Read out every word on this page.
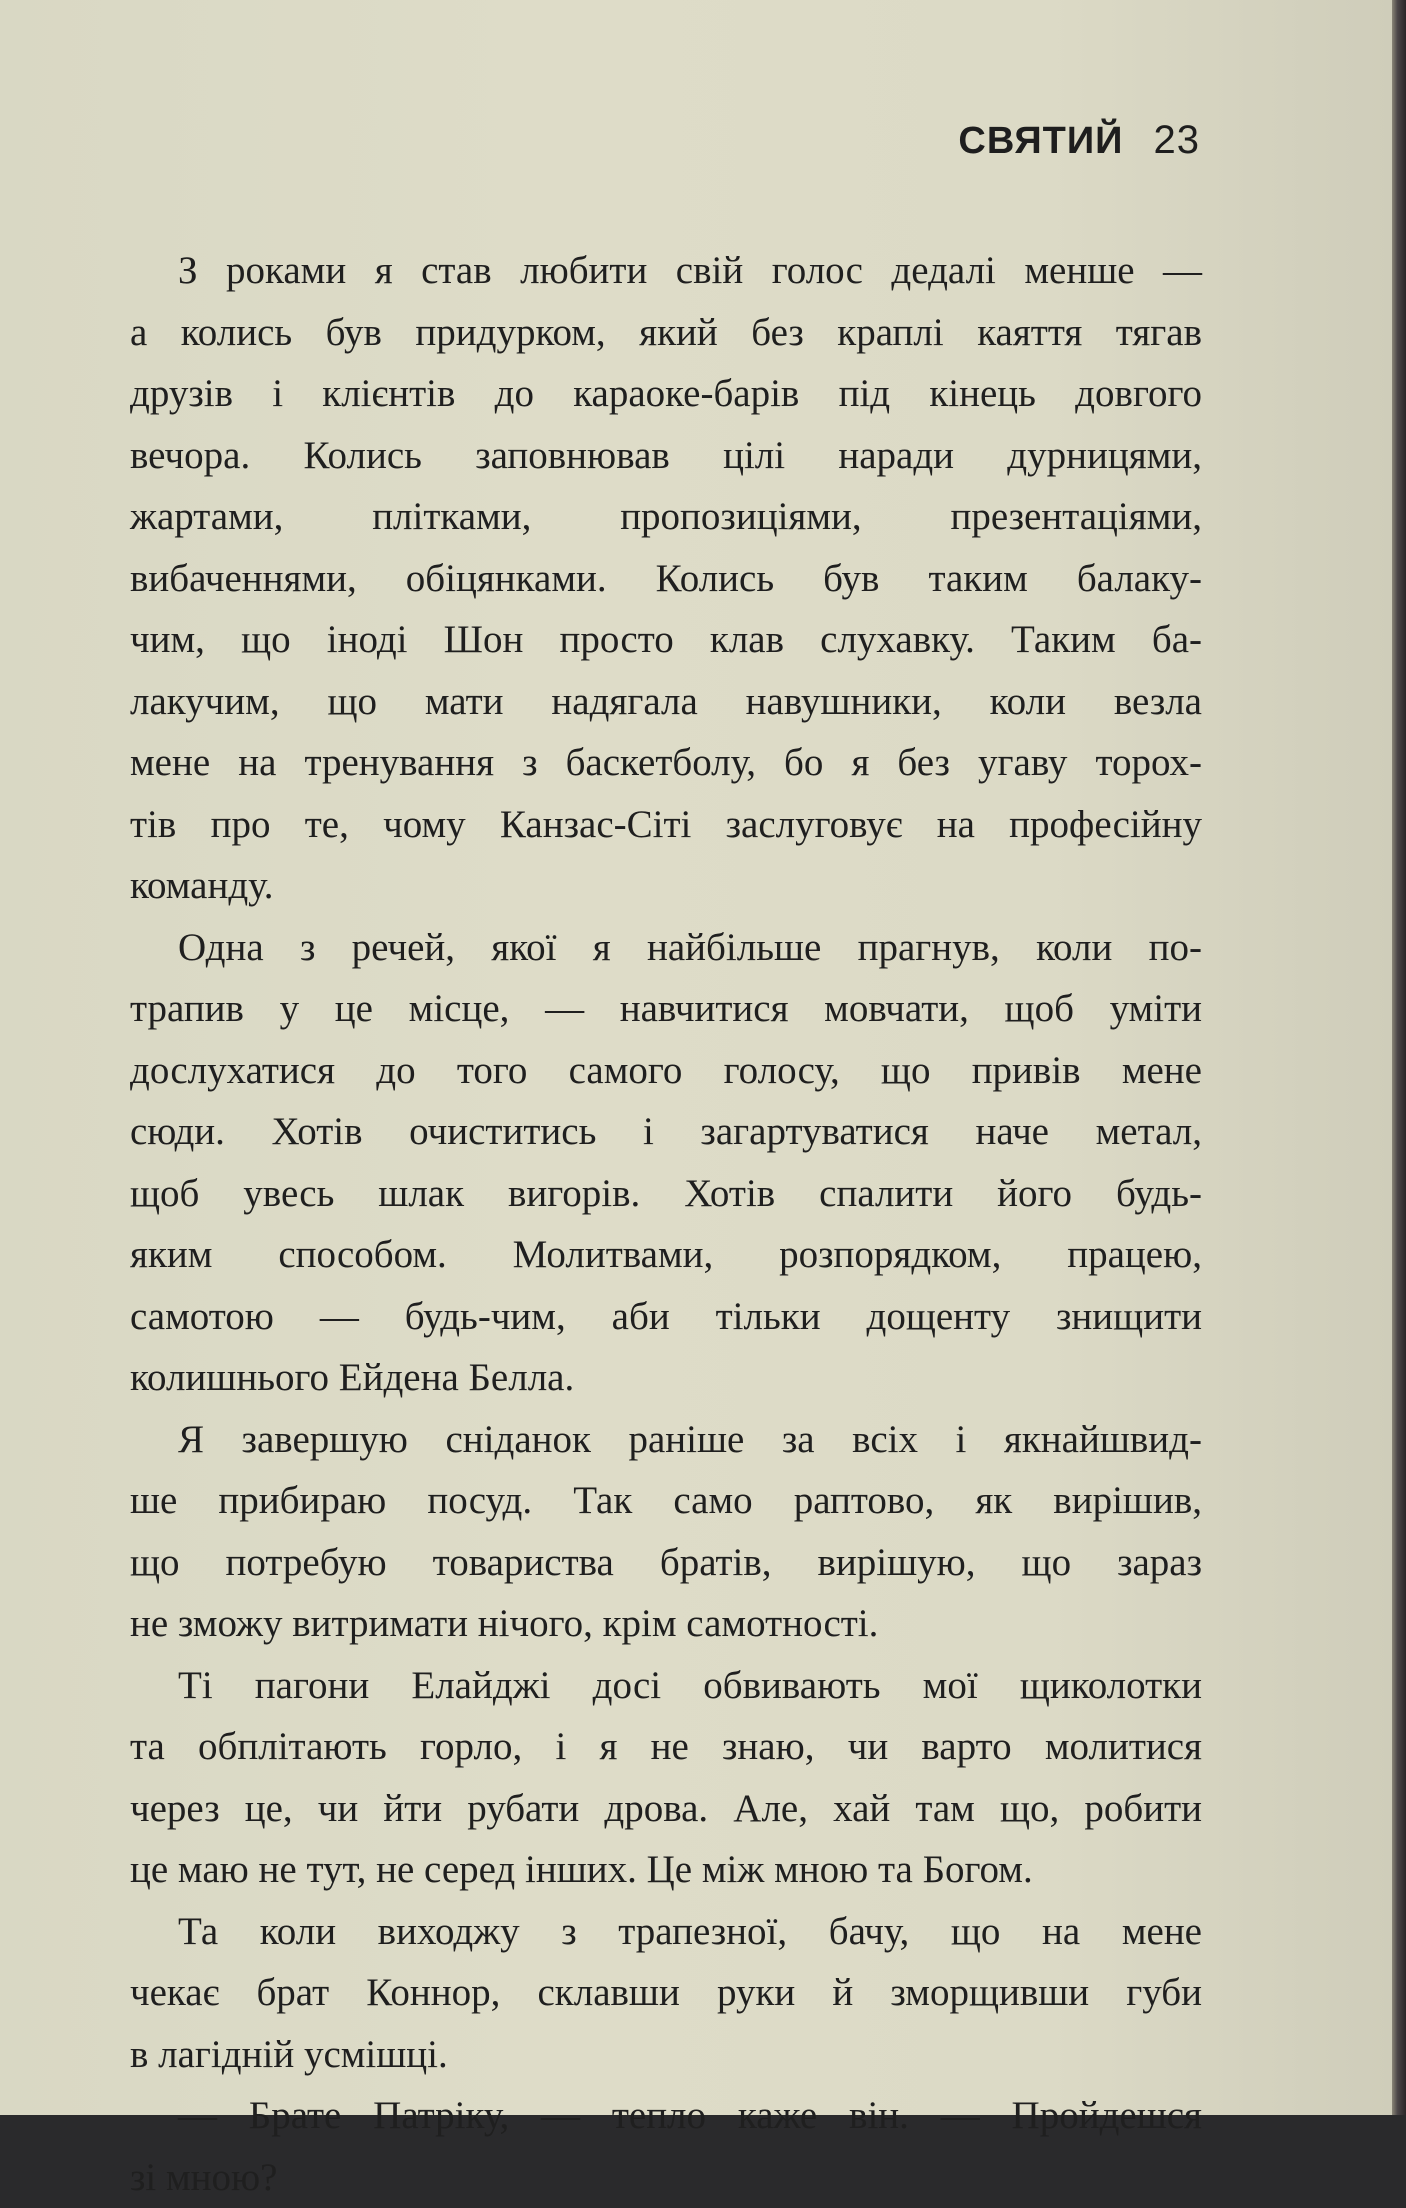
СВЯТИЙ 23
З роками я став любити свій голос дедалі менше —
а колись був придурком, який без краплі каяття тягав
друзів і клієнтів до караоке-барів під кінець довгого
вечора. Колись заповнював цілі наради дурницями,
жартами, плітками, пропозиціями, презентаціями,
вибаченнями, обіцянками. Колись був таким балаку-
чим, що іноді Шон просто клав слухавку. Таким ба-
лакучим, що мати надягала навушники, коли везла
мене на тренування з баскетболу, бо я без угаву торох-
тів про те, чому Канзас-Сіті заслуговує на професійну
команду.
Одна з речей, якої я найбільше прагнув, коли по-
трапив у це місце, — навчитися мовчати, щоб уміти
дослухатися до того самого голосу, що привів мене
сюди. Хотів очиститись і загартуватися наче метал,
щоб увесь шлак вигорів. Хотів спалити його будь-
яким способом. Молитвами, розпорядком, працею,
самотою — будь-чим, аби тільки дощенту знищити
колишнього Ейдена Белла.
Я завершую сніданок раніше за всіх і якнайшвид-
ше прибираю посуд. Так само раптово, як вирішив,
що потребую товариства братів, вирішую, що зараз
не зможу витримати нічого, крім самотності.
Ті пагони Елайджі досі обвивають мої щиколотки
та обплітають горло, і я не знаю, чи варто молитися
через це, чи йти рубати дрова. Але, хай там що, робити
це маю не тут, не серед інших. Це між мною та Богом.
Та коли виходжу з трапезної, бачу, що на мене
чекає брат Коннор, склавши руки й зморщивши губи
в лагідній усмішці.
— Брате Патріку, — тепло каже він. — Пройдешся
зі мною?
